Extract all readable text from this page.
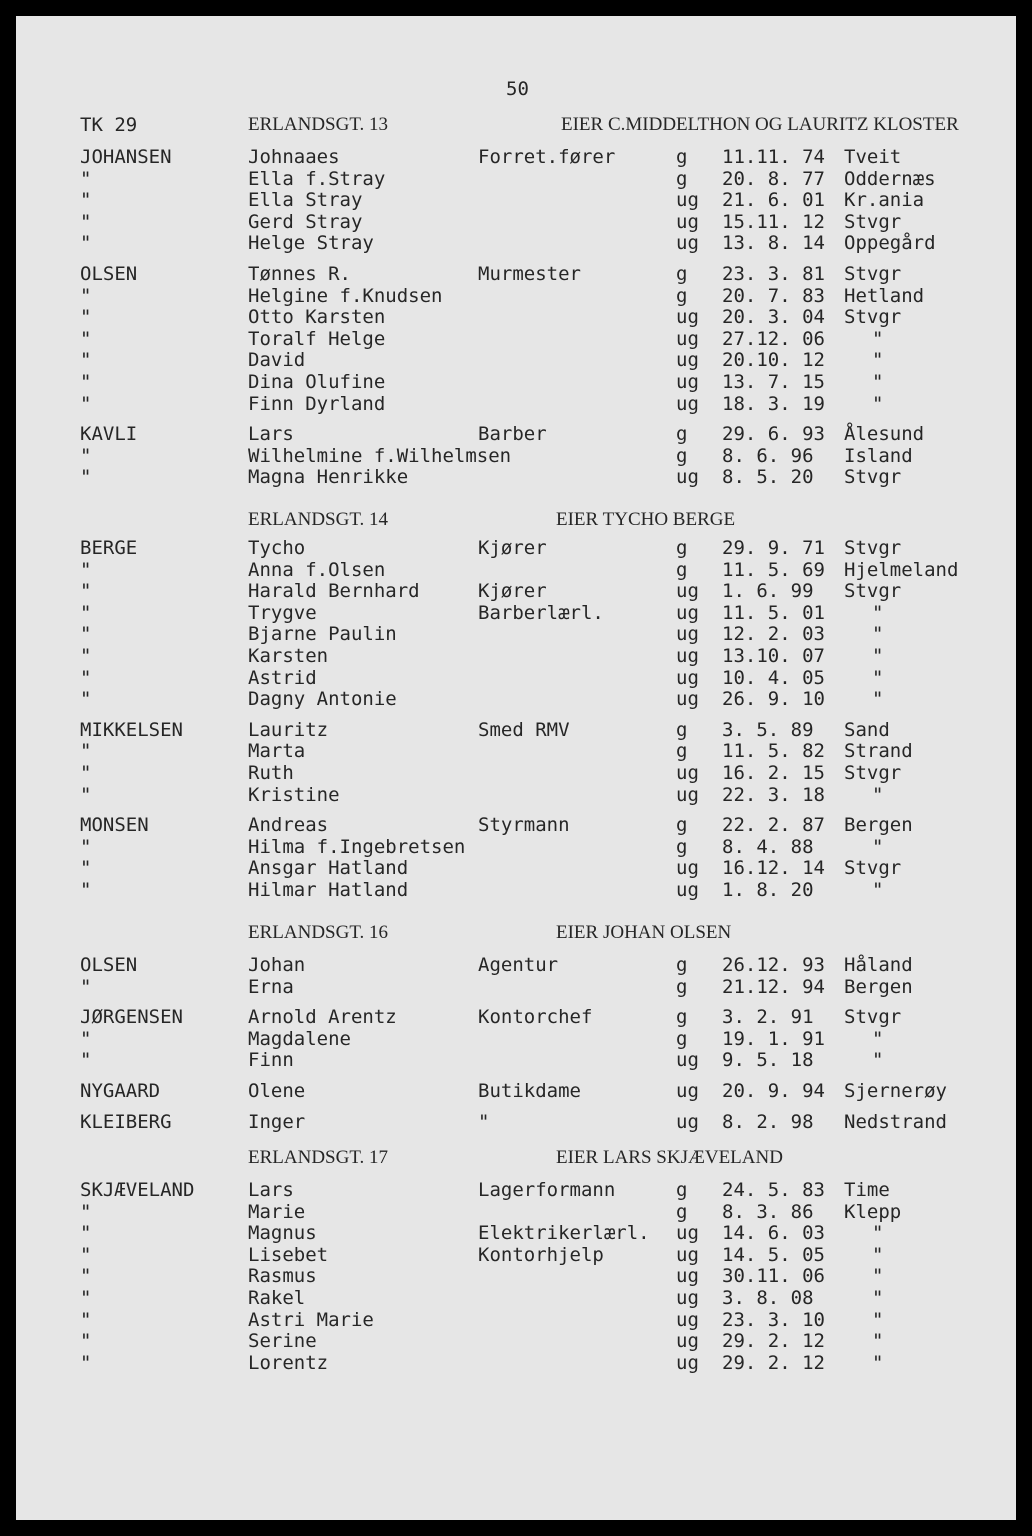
50
TK 29	ERLANDSGT. 13	EIER C.MIDDELTHON OG LAURITZ KLOSTER
JOHANSEN	Johnaaes	Forret.fører	g 11.11. 74 Tveit
"	Ella f.Stray	g 20. 8. 77 Oddernæs
"	Ella Stray	ug 21. 6. 01 Kr.ania
"	Gerd Stray	ug 15.11. 12 Stvgr
"	Helge Stray	ug 13. 8. 14 Oppegård
OLSEN	Tønnes R.	Murmester	g 23. 3. 81 Stvgr
"	Helgine f.Knudsen	g 20. 7. 83 Hetland
"	Otto Karsten	ug 20. 3. 04 Stvgr
"	Toralf Helge	ug 27.12. 06 "
"	David	ug 20.10. 12 "
"	Dina Olufine	ug 13. 7. 15 "
"	Finn Dyrland	ug 18. 3. 19 "
KAVLI	Lars	Barber	g 29. 6. 93 Ålesund
"	Wilhelmine f.Wilhelmsen	g 8. 6. 96 Island
"	Magna Henrikke	ug 8. 5. 20 Stvgr
ERLANDSGT. 14	EIER TYCHO BERGE
BERGE	Tycho	Kjører	g 29. 9. 71 Stvgr
"	Anna f.Olsen	g 11. 5. 69 Hjelmeland
"	Harald Bernhard	Kjører	ug 1. 6. 99 Stvgr
"	Trygve	Barberlærl.	ug 11. 5. 01 "
"	Bjarne Paulin	ug 12. 2. 03 "
"	Karsten	ug 13.10. 07 "
"	Astrid	ug 10. 4. 05 "
"	Dagny Antonie	ug 26. 9. 10 "
MIKKELSEN	Lauritz	Smed RMV	g 3. 5. 89 Sand
"	Marta	g 11. 5. 82 Strand
"	Ruth	ug 16. 2. 15 Stvgr
"	Kristine	ug 22. 3. 18 "
MONSEN	Andreas	Styrmann	g 22. 2. 87 Bergen
"	Hilma f.Ingebretsen	g 8. 4. 88	"
"	Ansgar Hatland	ug 16.12. 14 Stvgr
"	Hilmar Hatland	ug 1. 8. 20	"
ERLANDSGT. 16	EIER JOHAN OLSEN
OLSEN	Johan	Agentur	g 26.12. 93 Håland
"	Erna	g 21.12. 94 Bergen
JØRGENSEN	Arnold Arentz	Kontorchef	g 3. 2. 91 Stvgr
"	Magdalene	g 19. 1. 91 "
"	Finn	ug 9. 5. 18	"
NYGAARD	Olene	Butikdame	ug 20. 9. 94 Sjernerøy
KLEIBERG	Inger	"	ug 8. 2. 98 Nedstrand
ERLANDSGT. 17	EIER LARS SKJÆVELAND
SKJÆVELAND	Lars	Lagerformann	g 24. 5. 83 Time
"	Marie	g 8. 3. 86 Klepp
"	Magnus	Elektrikerlærl. ug 14. 6. 03 "
"	Lisebet	Kontorhjelp	ug 14. 5. 05 "
"	Rasmus	ug 30.11. 06 "
"	Rakel	ug 3. 8. 08	"
"	Astri Marie	ug 23. 3. 10 "
"	Serine	ug 29. 2. 12 "
"	Lorentz	ug 29. 2. 12 "
